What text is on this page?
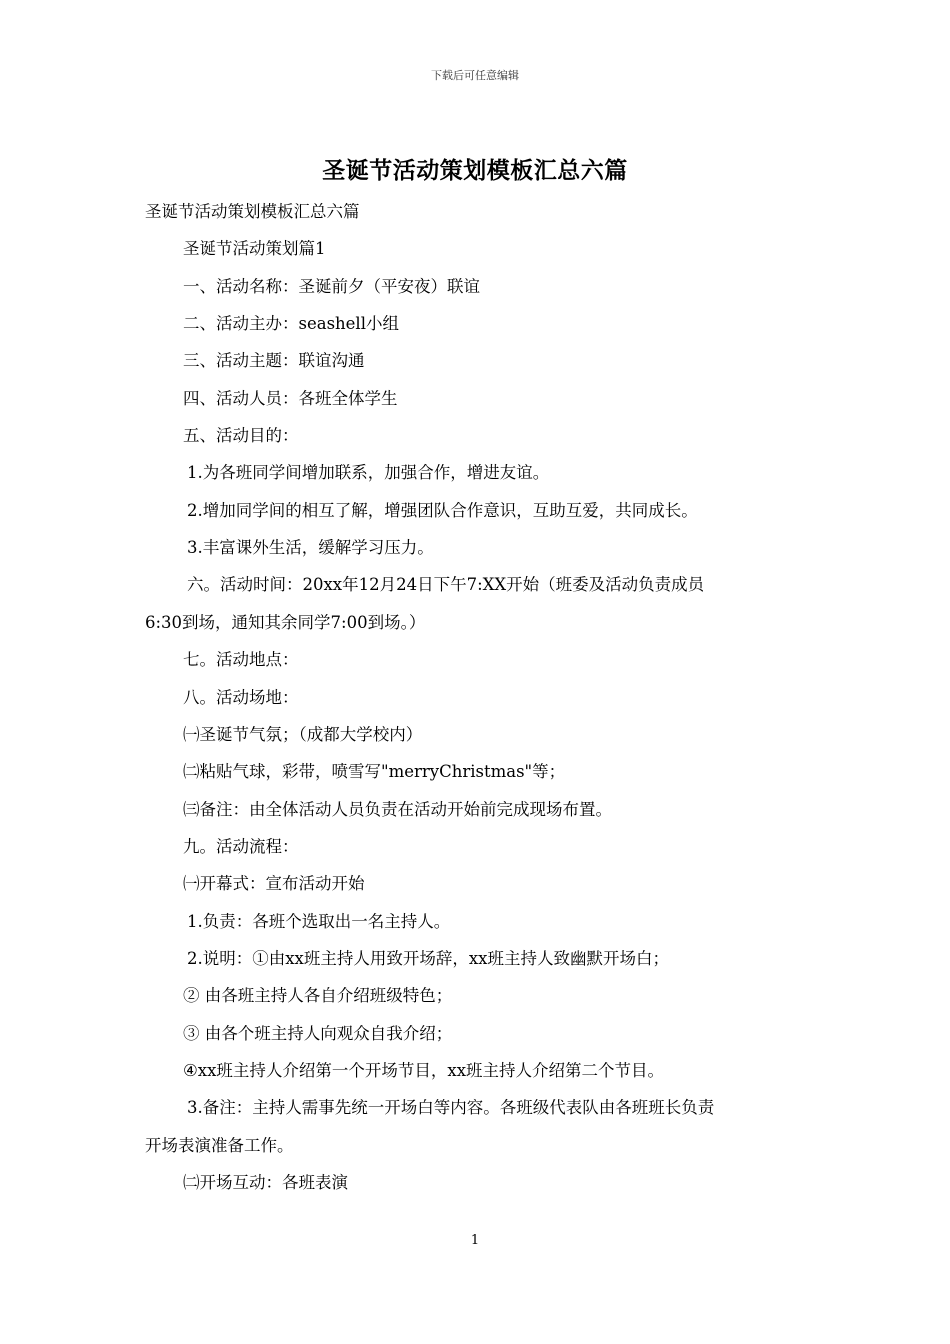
下载后可任意编辑
圣诞节活动策划模板汇总六篇
圣诞节活动策划模板汇总六篇
圣诞节活动策划篇1
一、活动名称：圣诞前夕（平安夜）联谊
二、活动主办：seashell小组
三、活动主题：联谊沟通
四、活动人员：各班全体学生
五、活动目的：
1.为各班同学间增加联系，加强合作，增进友谊。
2.增加同学间的相互了解，增强团队合作意识，互助互爱，共同成长。
3.丰富课外生活，缓解学习压力。
六。活动时间：20xx年12月24日下午7:XX开始（班委及活动负责成员
6:30到场，通知其余同学7:00到场。）
七。活动地点：
八。活动场地：
㈠圣诞节气氛；（成都大学校内）
㈡粘贴气球，彩带，喷雪写"merryChristmas"等；
㈢备注：由全体活动人员负责在活动开始前完成现场布置。
九。活动流程：
㈠开幕式：宣布活动开始
1.负责：各班个选取出一名主持人。
2.说明：①由xx班主持人用致开场辞，xx班主持人致幽默开场白；
② 由各班主持人各自介绍班级特色；
③ 由各个班主持人向观众自我介绍；
④xx班主持人介绍第一个开场节目，xx班主持人介绍第二个节目。
3.备注：主持人需事先统一开场白等内容。各班级代表队由各班班长负责
开场表演准备工作。
㈡开场互动：各班表演
1
